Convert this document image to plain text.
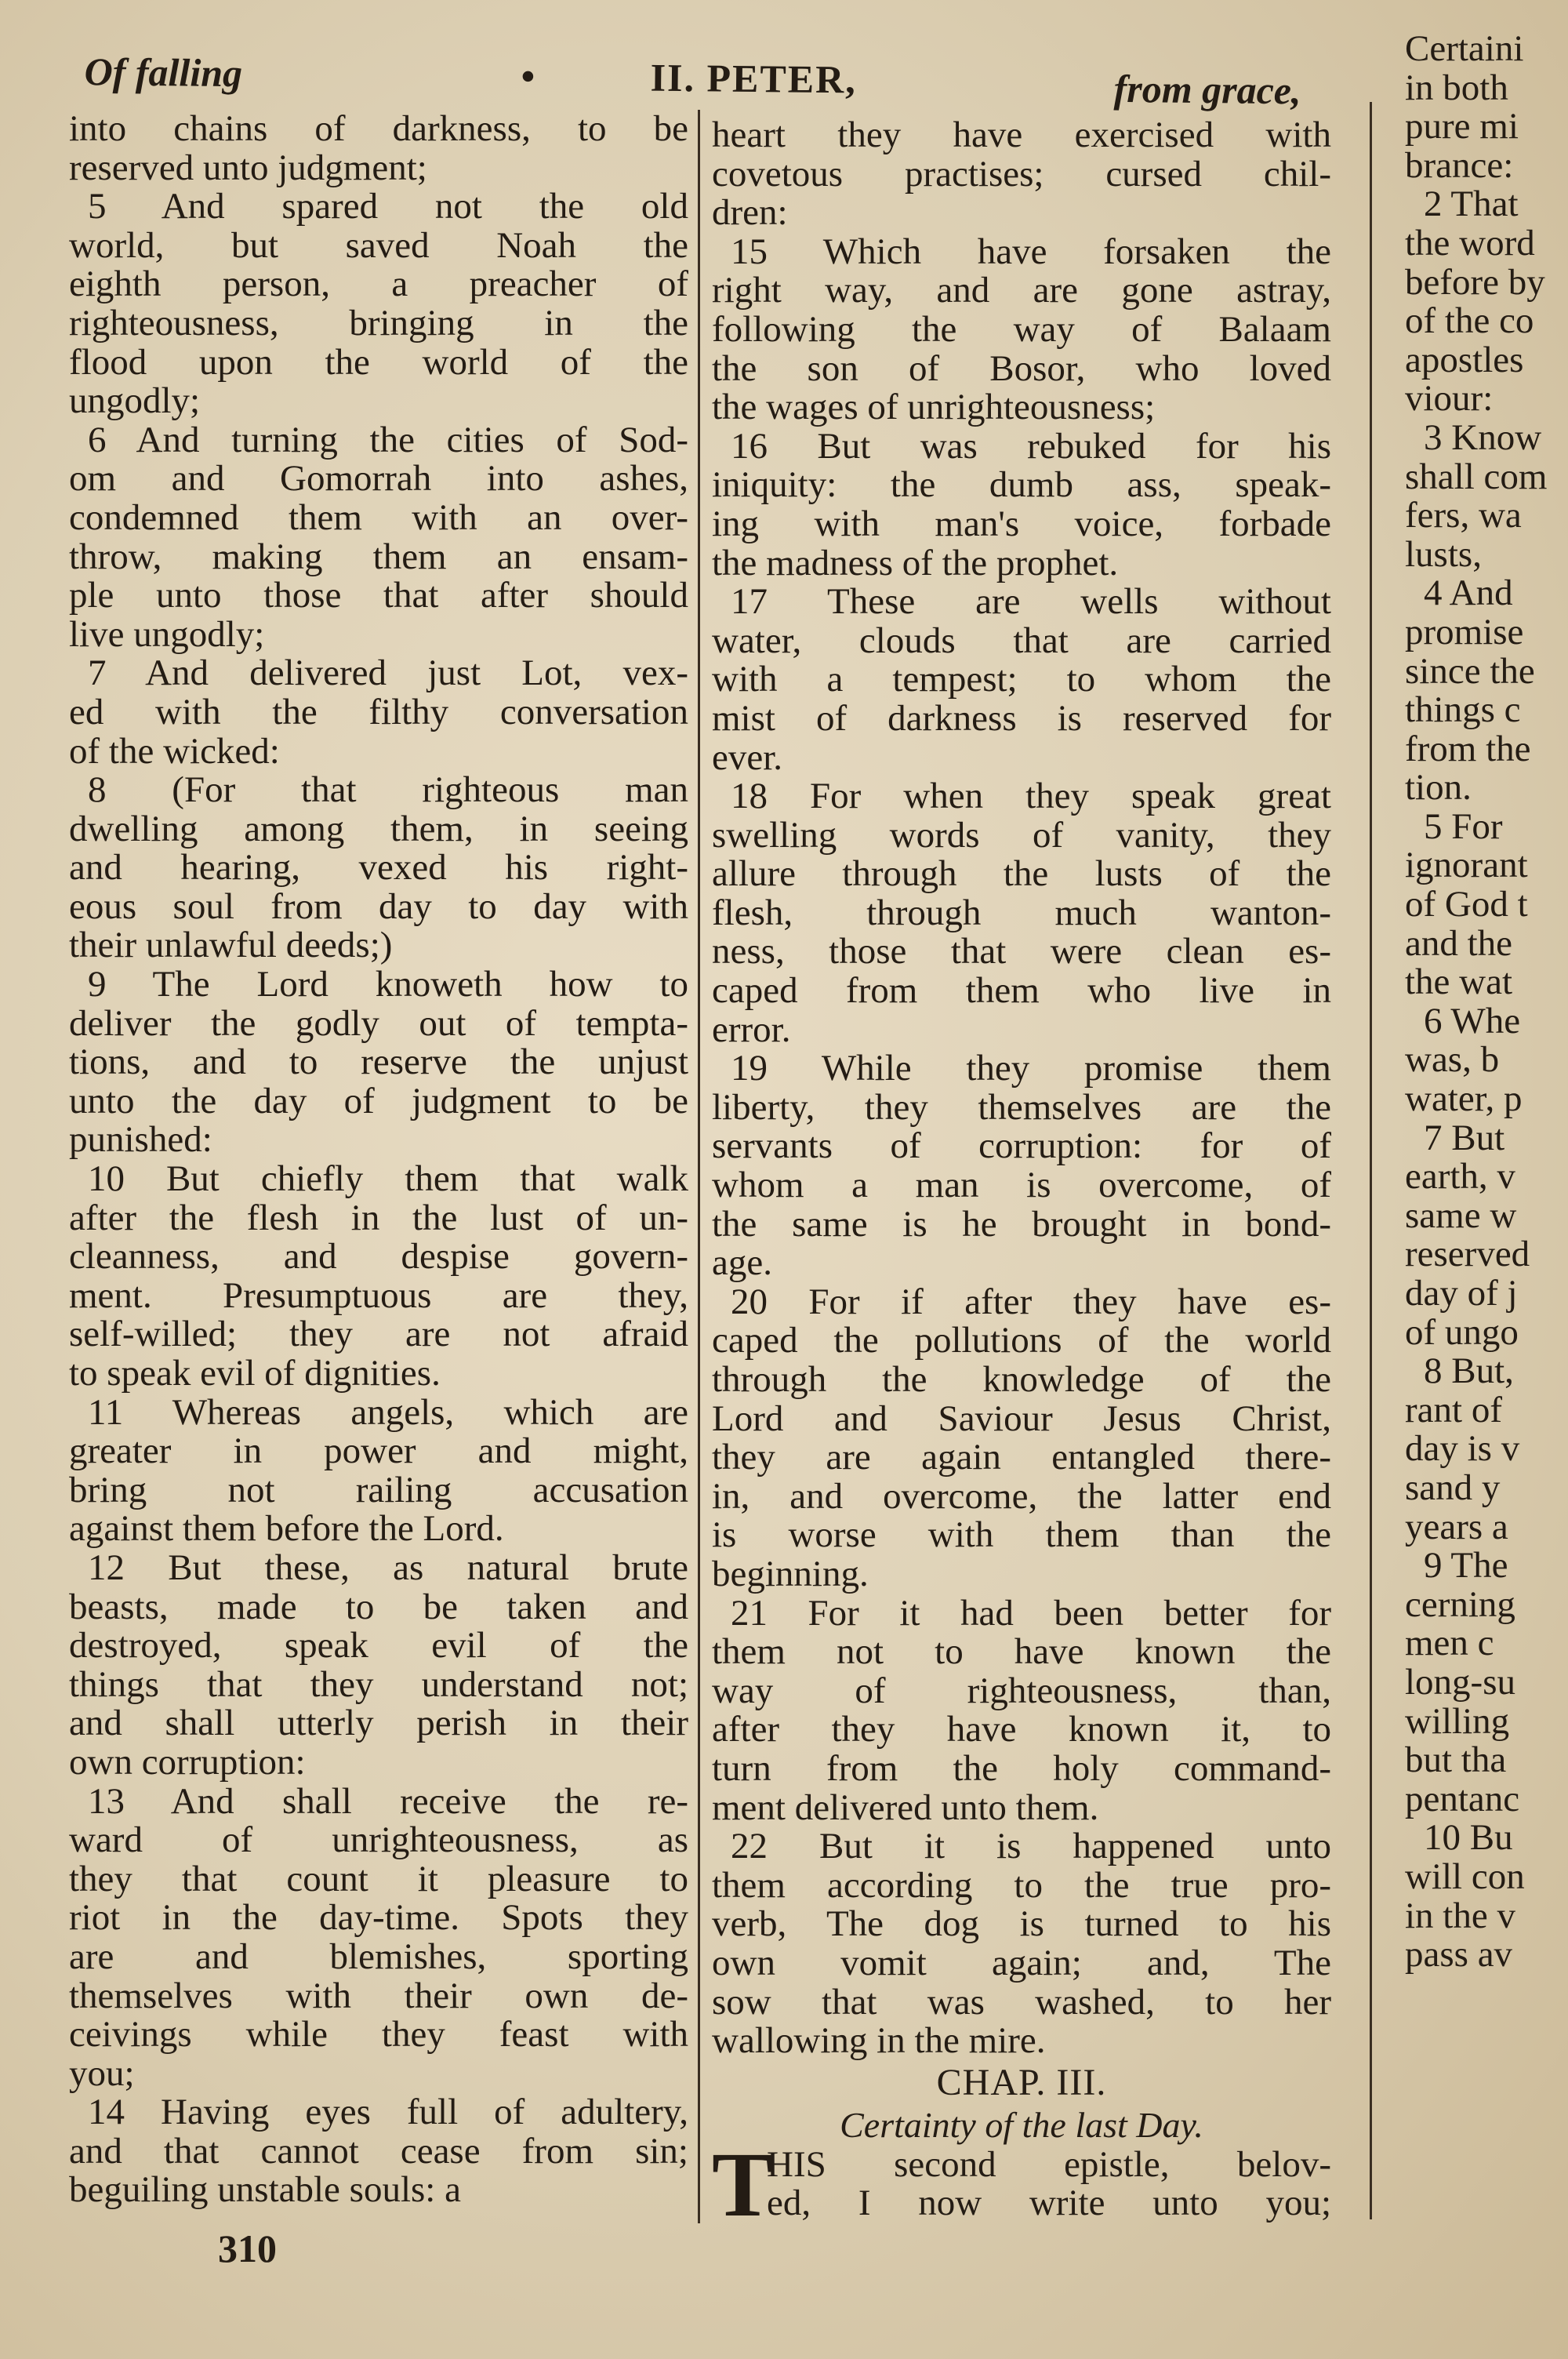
Of falling	•	II. PETER,	from grace,
into chains of darkness, to be
reserved unto judgment;
5 And spared not the old
world, but saved Noah the
eighth person, a preacher of
righteousness, bringing in the
flood upon the world of the
ungodly;
6 And turning the cities of Sod-
om and Gomorrah into ashes,
condemned them with an over-
throw, making them an ensam-
ple unto those that after should
live ungodly;
7 And delivered just Lot, vex-
ed with the filthy conversation
of the wicked:
8 (For that righteous man
dwelling among them, in seeing
and hearing, vexed his right-
eous soul from day to day with
their unlawful deeds;)
9 The Lord knoweth how to
deliver the godly out of tempta-
tions, and to reserve the unjust
unto the day of judgment to be
punished:
10 But chiefly them that walk
after the flesh in the lust of un-
cleanness, and despise govern-
ment. Presumptuous are they,
self-willed; they are not afraid
to speak evil of dignities.
11 Whereas angels, which are
greater in power and might,
bring not railing accusation
against them before the Lord.
12 But these, as natural brute
beasts, made to be taken and
destroyed, speak evil of the
things that they understand not;
and shall utterly perish in their
own corruption:
13 And shall receive the re-
ward of unrighteousness, as
they that count it pleasure to
riot in the day-time. Spots they
are and blemishes, sporting
themselves with their own de-
ceivings while they feast with
you;
14 Having eyes full of adultery,
and that cannot cease from sin;
beguiling unstable souls: a
heart they have exercised with
covetous practises; cursed chil-
dren:
15 Which have forsaken the
right way, and are gone astray,
following the way of Balaam
the son of Bosor, who loved
the wages of unrighteousness;
16 But was rebuked for his
iniquity: the dumb ass, speak-
ing with man's voice, forbade
the madness of the prophet.
17 These are wells without
water, clouds that are carried
with a tempest; to whom the
mist of darkness is reserved for
ever.
18 For when they speak great
swelling words of vanity, they
allure through the lusts of the
flesh, through much wanton-
ness, those that were clean es-
caped from them who live in
error.
19 While they promise them
liberty, they themselves are the
servants of corruption: for of
whom a man is overcome, of
the same is he brought in bond-
age.
20 For if after they have es-
caped the pollutions of the world
through the knowledge of the
Lord and Saviour Jesus Christ,
they are again entangled there-
in, and overcome, the latter end
is worse with them than the
beginning.
21 For it had been better for
them not to have known the
way of righteousness, than,
after they have known it, to
turn from the holy command-
ment delivered unto them.
22 But it is happened unto
them according to the true pro-
verb, The dog is turned to his
own vomit again; and, The
sow that was washed, to her
wallowing in the mire.
CHAP. III.
Certainty of the last Day.
T
HIS second epistle, belov-
ed, I now write unto you;
Certaini
in both
pure mi
brance:
2 That
the word
before by
of the co
apostles
viour:
3 Know
shall com
fers, wa
lusts,
4 And
promise
since the
things c
from the
tion.
5 For
ignorant
of God t
and the
the wat
6 Whe
was, b
water, p
7 But
earth, v
same w
reserved
day of j
of ungo
8 But,
rant of
day is v
sand y
years a
9 The
cerning
men c
long-su
willing
but tha
pentanc
10 Bu
will con
in the v
pass av
310
